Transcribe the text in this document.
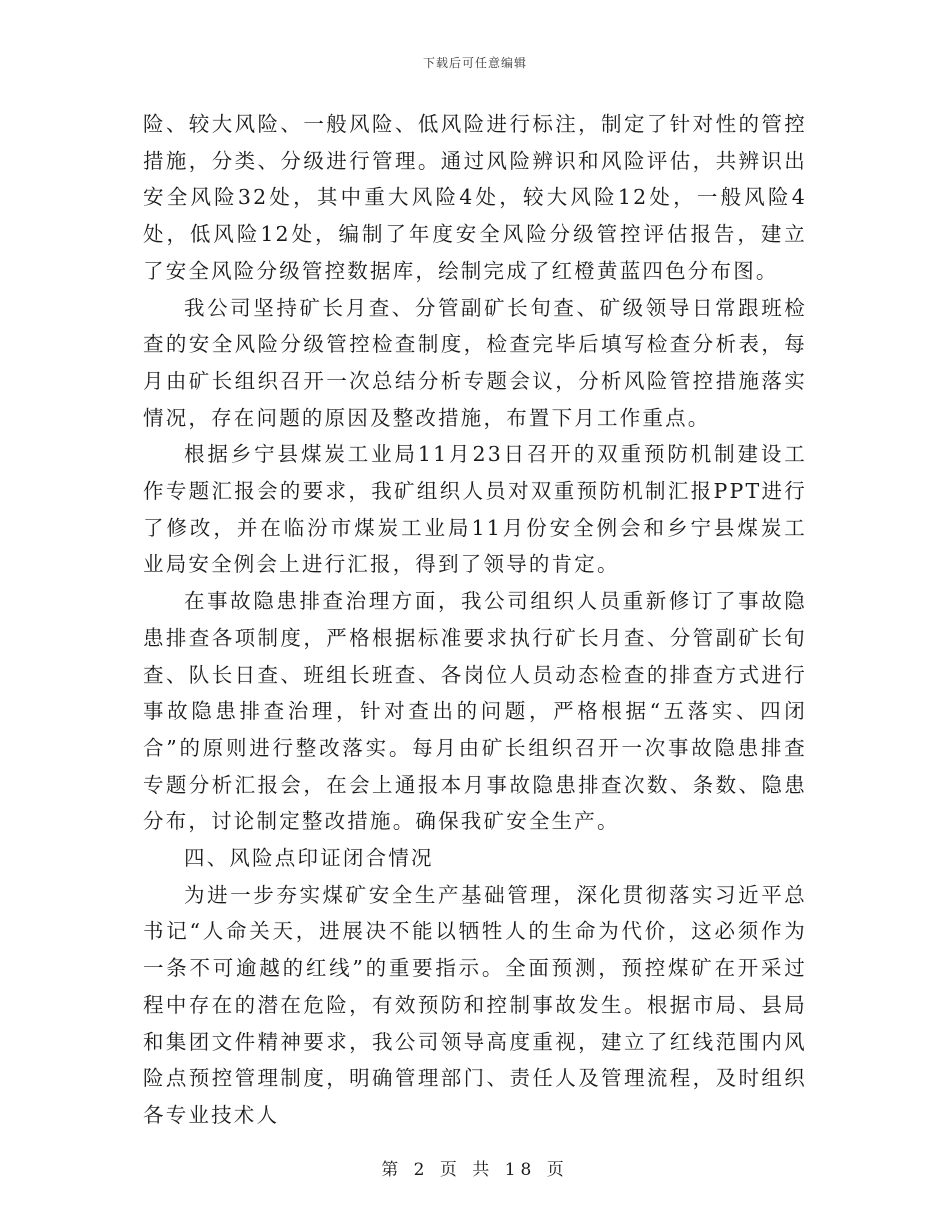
下载后可任意编辑

险、较大风险、一般风险、低风险进行标注，制定了针对性的管控措施，分类、分级进行管理。通过风险辨识和风险评估，共辨识出安全风险32处，其中重大风险4处，较大风险12处，一般风险4处，低风险12处，编制了年度安全风险分级管控评估报告，建立了安全风险分级管控数据库，绘制完成了红橙黄蓝四色分布图。

我公司坚持矿长月查、分管副矿长旬查、矿级领导日常跟班检查的安全风险分级管控检查制度，检查完毕后填写检查分析表，每月由矿长组织召开一次总结分析专题会议，分析风险管控措施落实情况，存在问题的原因及整改措施，布置下月工作重点。

根据乡宁县煤炭工业局11月23日召开的双重预防机制建设工作专题汇报会的要求，我矿组织人员对双重预防机制汇报PPT进行了修改，并在临汾市煤炭工业局11月份安全例会和乡宁县煤炭工业局安全例会上进行汇报，得到了领导的肯定。

在事故隐患排查治理方面，我公司组织人员重新修订了事故隐患排查各项制度，严格根据标准要求执行矿长月查、分管副矿长旬查、队长日查、班组长班查、各岗位人员动态检查的排查方式进行事故隐患排查治理，针对查出的问题，严格根据“五落实、四闭合”的原则进行整改落实。每月由矿长组织召开一次事故隐患排查专题分析汇报会，在会上通报本月事故隐患排查次数、条数、隐患分布，讨论制定整改措施。确保我矿安全生产。

四、风险点印证闭合情况

为进一步夯实煤矿安全生产基础管理，深化贯彻落实习近平总书记“人命关天，进展决不能以牺牲人的生命为代价，这必须作为一条不可逾越的红线”的重要指示。全面预测，预控煤矿在开采过程中存在的潜在危险，有效预防和控制事故发生。根据市局、县局和集团文件精神要求，我公司领导高度重视，建立了红线范围内风险点预控管理制度，明确管理部门、责任人及管理流程，及时组织各专业技术人

第 2 页 共 18 页
